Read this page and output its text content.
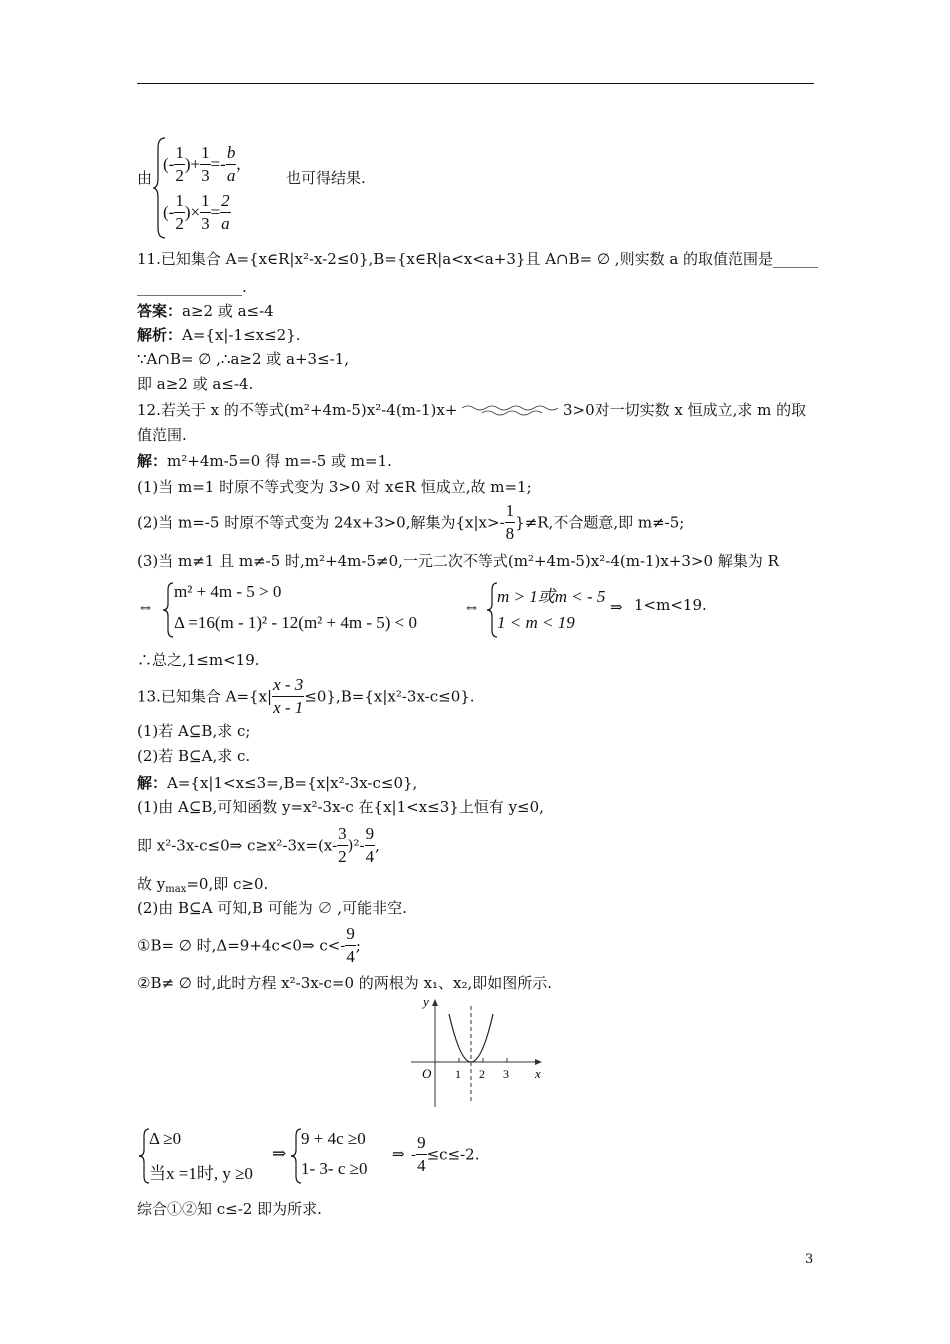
由
(- $\frac{1}{2}$ )+ $\frac{1}{3} =- \frac{b}{a}$ ,
也可得结果.
(- $\frac{1}{2}$ )× $\frac{1}{3} = \frac{2}{a}$
11.已知集合 A={x∈R|x²-x-2≤0},B={x∈R|a<x<a+3}且 A∩B= ∅ ,则实数 a 的取值范围是______
______________.
答案：a≥2 或 a≤-4
解析：A={x|-1≤x≤2}.
∵A∩B= ∅ ,∴a≥2 或 a+3≤-1,
即 a≥2 或 a≤-4.
12.若关于 x 的不等式(m²+4m-5)x²-4(m-1)x+	3>0对一切实数 x 恒成立,求 m 的取
值范围.
解：m²+4m-5=0 得 m=-5 或 m=1.
(1)当 m=1 时原不等式变为 3>0 对 x∈R 恒成立,故 m=1;
(2)当 m=-5 时原不等式变为 24x+3>0,解集为$\{x|x>- \frac{1}{8} \}\ne R$,不合题意,即 m≠-5;
(3)当 m≠1 且 m≠-5 时,m²+4m-5≠0,一元二次不等式(m²+4m-5)x²-4(m-1)x+3>0 解集为 R
⇔
m² + 4m - 5 > 0
Δ =16(m - 1)² - 12(m² + 4m - 5) < 0
⇔
m > 1或m < - 5
1 < m < 19
⇒ 1<m<19.
∴总之,1≤m<19.
13.已知集合 $A=\{x| \frac{x - 3}{x - 1} \le 0\},B=\{x|x^2-3x-c\le 0\}$.
(1)若 A⊆B,求 c;
(2)若 B⊆A,求 c.
解：A={x|1<x≤3=,B={x|x²-3x-c≤0},
(1)由 A⊆B,可知函数 y=x²-3x-c 在{x|1<x≤3}上恒有 y≤0,
即 x²-3x-c≤0⇒ $c\ge x^2-3x=(x- \frac{3}{2} )^2- \frac{9}{4}$ ,
故 $y_{max}=0$,即 c≥0.
(2)由 B⊆A 可知,B 可能为 ∅ ,可能非空.
①B= ∅ 时,Δ=9+4c<0⇒ $c<- \frac{9}{4}$ ;
②B≠ ∅ 时,此时方程 x²-3x-c=0 的两根为 x₁、x₂,即如图所示.
y
x
O 1 2 3
Δ ≥0
当x =1时, y ≥0
⇒
9 + 4c ≥0
1- 3- c ≥0
⇒ - $\frac{9}{4} \le c\le-2$.
综合①②知 c≤-2 即为所求.
3
